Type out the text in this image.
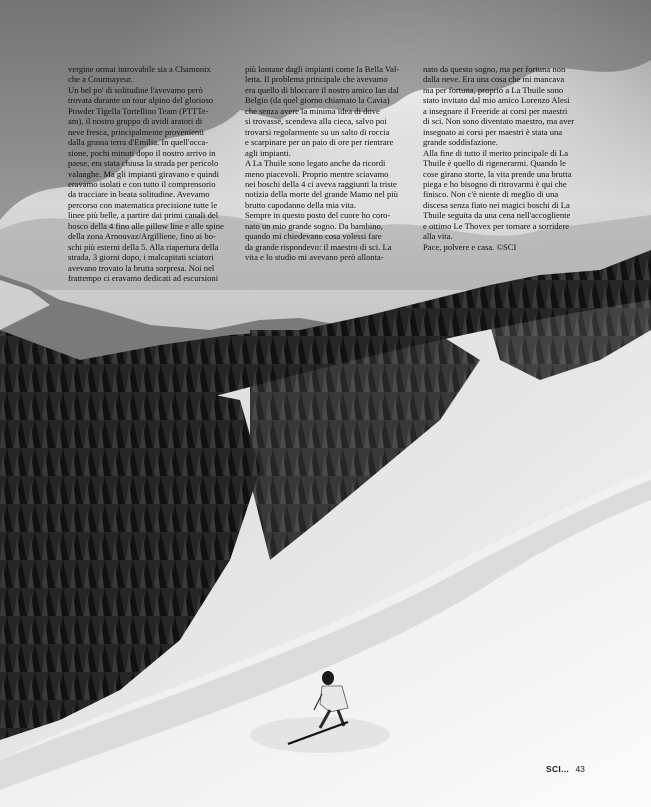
vergine ormai introvabile sia a Chamonix
che a Courmayeur.
Un bel po' di solitudine l'avevamo però
trovata durante un tour alpino del glorioso
Powder Tigella Tortellino Team (PTTTe-
am), il nostro gruppo di avidi aratori di
neve fresca, principalmente provenienti
dalla grassa terra d'Emilia. In quell'occa-
sione, pochi minuti dopo il nostro arrivo in
paese, era stata chiusa la strada per pericolo
valanghe. Ma gli impianti giravano e quindi
eravamo isolati e con tutto il comprensorio
da tracciare in beata solitudine. Avevamo
percorso con matematica precisione tutte le
linee più belle, a partire dai primi canali del
bosco della 4 fino alle pillow line e alle spine
della zona Arnouvaz/Argilliene, fino ai bo-
schi più esterni della 5. Alla riapertura della
strada, 3 giorni dopo, i malcapitati sciatori
avevano trovato la brutta sorpresa. Noi nel
frattempo ci eravamo dedicati ad escursioni

più lontane dagli impianti come la Bella Val-
letta. Il problema principale che avevamo
era quello di bloccare il nostro amico Ian dal
Belgio (da quel giorno chiamato la Cavia)
che senza avere la minima idea di dove
si trovasse, scendeva alla cieca, salvo poi
trovarsi regolarmente su un salto di roccia
e scarpinare per un paio di ore per rientrare
agli impianti.
A La Thuile sono legato anche da ricordi
meno piacevoli. Proprio mentre sciavamo
nei boschi della 4 ci aveva raggiunti la triste
notizia della morte del grande Mamo nel più
brutto capodanno della mia vita.
Sempre in questo posto del cuore ho coro-
nato un mio grande sogno. Da bambino,
quando mi chiedevano cosa volessi fare
da grande rispondevo: il maestro di sci. La
vita e lo studio mi avevano però allonta-

nato da questo sogno, ma per fortuna non
dalla neve. Era una cosa che mi mancava
ma per fortuna, proprio a La Thuile sono
stato invitato dal mio amico Lorenzo Alesi
a insegnare il Freeride ai corsi per maestri
di sci. Non sono diventato maestro, ma aver
insegnato ai corsi per maestri è stata una
grande soddisfazione.
Alla fine di tutto il merito principale di La
Thuile è quello di rigenerarmi. Quando le
cose girano storte, la vita prende una brutta
piega e ho bisogno di ritrovarmi è qui che
finisco. Non c'è niente di meglio di una
discesa senza fiato nei magici boschi di La
Thuile seguita da una cena nell'accogliente
e ottimo Le Thovex per tornare a sorridere
alla vita.
Pace, polvere e casa. ©SCI

SCI... 43
